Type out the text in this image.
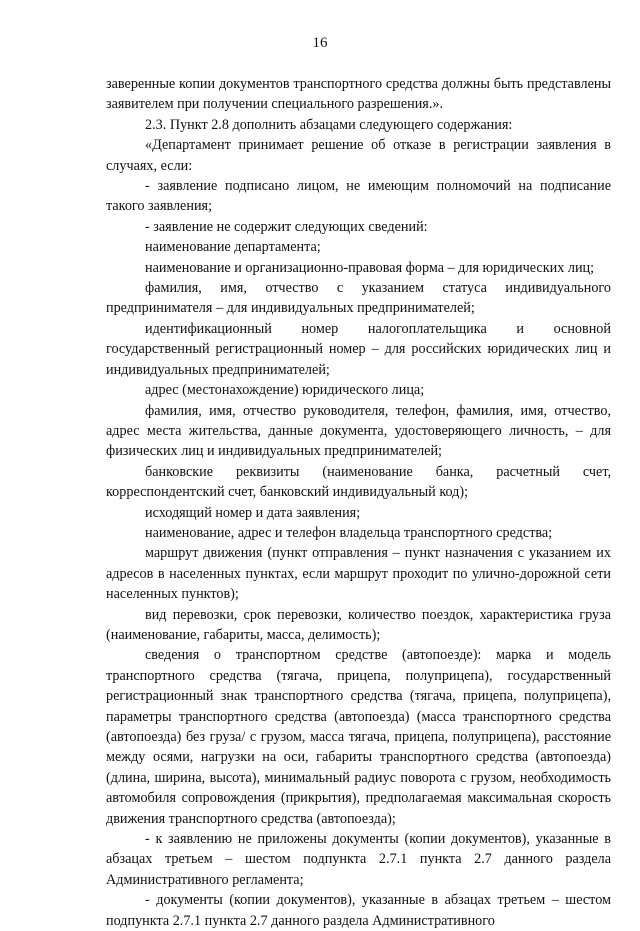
16

заверенные копии документов транспортного средства должны быть представлены заявителем при получении специального разрешения.».

2.3. Пункт 2.8 дополнить абзацами следующего содержания:

«Департамент принимает решение об отказе в регистрации заявления в случаях, если:

- заявление подписано лицом, не имеющим полномочий на подписание такого заявления;

- заявление не содержит следующих сведений:

наименование департамента;

наименование и организационно-правовая форма – для юридических лиц;

фамилия, имя, отчество с указанием статуса индивидуального предпринимателя – для индивидуальных предпринимателей;

идентификационный номер налогоплательщика и основной государственный регистрационный номер – для российских юридических лиц и индивидуальных предпринимателей;

адрес (местонахождение) юридического лица;

фамилия, имя, отчество руководителя, телефон, фамилия, имя, отчество, адрес места жительства, данные документа, удостоверяющего личность, – для физических лиц и индивидуальных предпринимателей;

банковские реквизиты (наименование банка, расчетный счет, корреспондентский счет, банковский индивидуальный код);

исходящий номер и дата заявления;

наименование, адрес и телефон владельца транспортного средства;

маршрут движения (пункт отправления – пункт назначения с указанием их адресов в населенных пунктах, если маршрут проходит по улично-дорожной сети населенных пунктов);

вид перевозки, срок перевозки, количество поездок, характеристика груза (наименование, габариты, масса, делимость);

сведения о транспортном средстве (автопоезде): марка и модель транспортного средства (тягача, прицепа, полуприцепа), государственный регистрационный знак транспортного средства (тягача, прицепа, полуприцепа), параметры транспортного средства (автопоезда) (масса транспортного средства (автопоезда) без груза/ с грузом, масса тягача, прицепа, полуприцепа), расстояние между осями, нагрузки на оси, габариты транспортного средства (автопоезда) (длина, ширина, высота), минимальный радиус поворота с грузом, необходимость автомобиля сопровождения (прикрытия), предполагаемая максимальная скорость движения транспортного средства (автопоезда);

- к заявлению не приложены документы (копии документов), указанные в абзацах третьем – шестом подпункта 2.7.1 пункта 2.7 данного раздела Административного регламента;

- документы (копии документов), указанные в абзацах третьем – шестом подпункта 2.7.1 пункта 2.7 данного раздела Административного
